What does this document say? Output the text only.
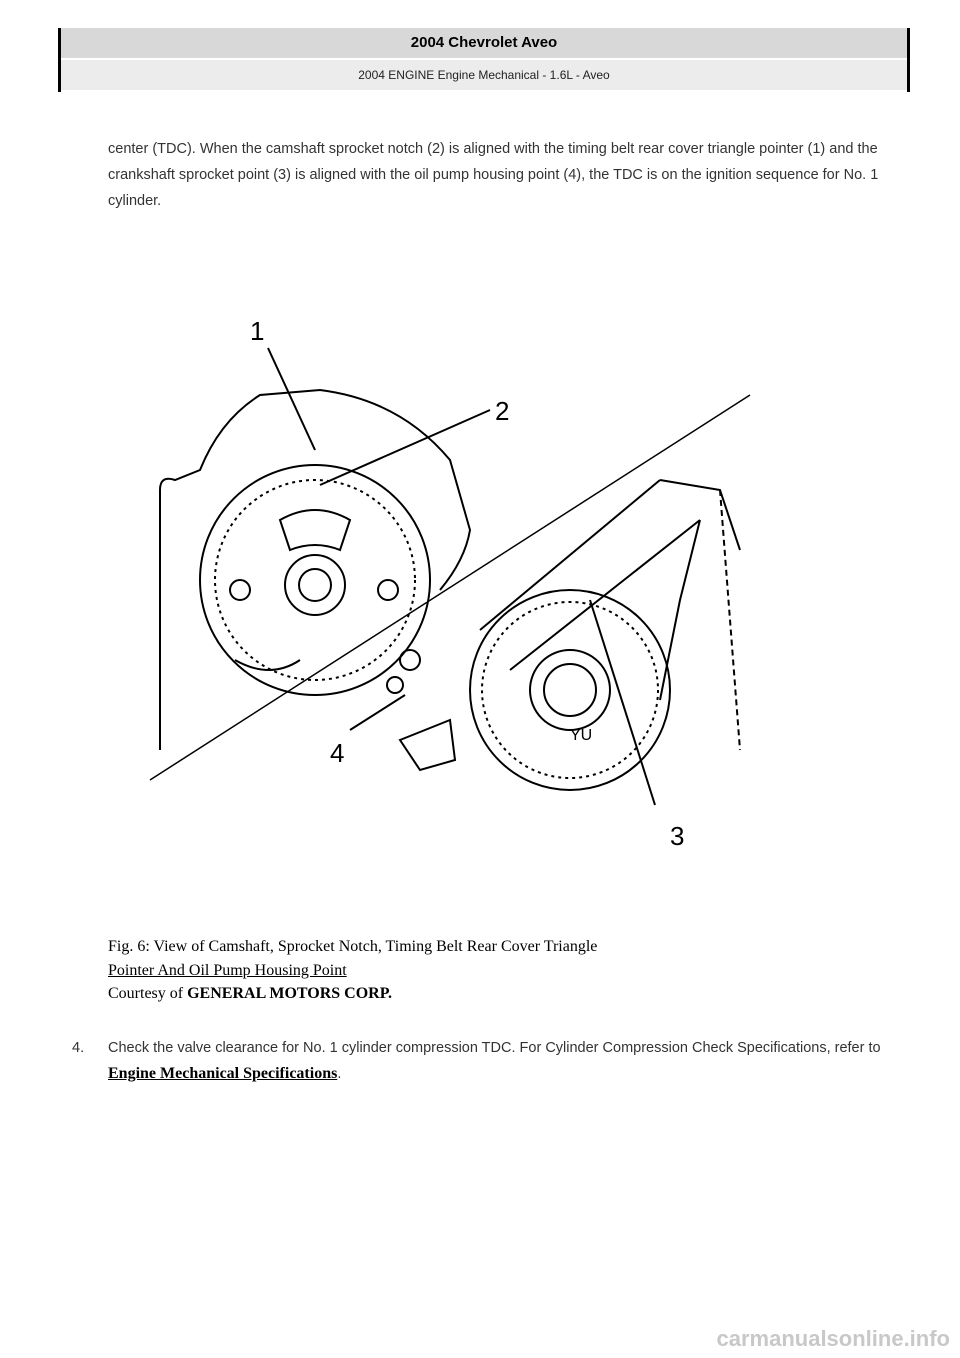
2004 Chevrolet Aveo
2004 ENGINE Engine Mechanical - 1.6L - Aveo
center (TDC). When the camshaft sprocket notch (2) is aligned with the timing belt rear cover triangle pointer (1) and the crankshaft sprocket point (3) is aligned with the oil pump housing point (4), the TDC is on the ignition sequence for No. 1 cylinder.
1
2
3
4
YU
Fig. 6: View of Camshaft, Sprocket Notch, Timing Belt Rear Cover Triangle
Pointer And Oil Pump Housing Point
Courtesy of GENERAL MOTORS CORP.
4. Check the valve clearance for No. 1 cylinder compression TDC. For Cylinder Compression Check Specifications, refer to Engine Mechanical Specifications.
carmanualsonline.info
